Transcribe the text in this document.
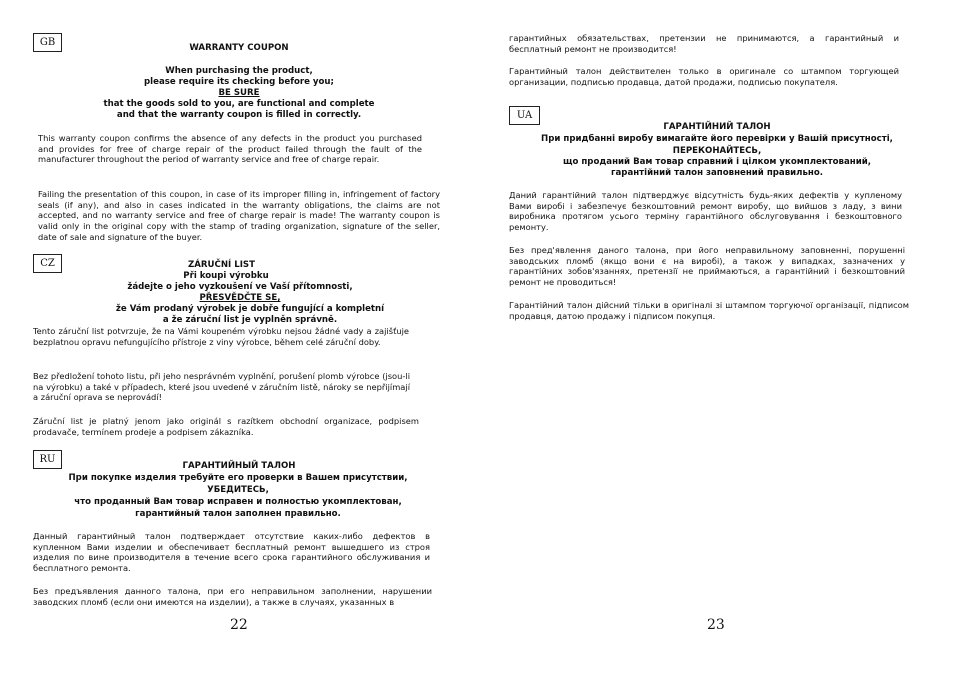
GB	WARRANTY COUPON
When purchasing the product,
please require its checking before you;
BE SURE
that the goods sold to you, are functional and complete
and that the warranty coupon is filled in correctly.

This warranty coupon confirms the absence of any defects in the product you purchased and provides for free of charge repair of the product failed through the fault of the manufacturer throughout the period of warranty service and free of charge repair.

Failing the presentation of this coupon, in case of its improper filling in, infringement of factory seals (if any), and also in cases indicated in the warranty obligations, the claims are not accepted, and no warranty service and free of charge repair is made! The warranty coupon is valid only in the original copy with the stamp of trading organization, signature of the seller, date of sale and signature of the buyer.

CZ	ZÁRUČNÍ LIST
Při koupi výrobku
žádejte o jeho vyzkoušení ve Vaší přítomnosti,
PŘESVĚDČTE SE,
že Vám prodaný výrobek je dobře fungující a kompletní
a že záruční list je vyplněn správně.

Tento záruční list potvrzuje, že na Vámi koupeném výrobku nejsou žádné vady a zajišťuje bezplatnou opravu nefungujícího přístroje z viny výrobce, během celé záruční doby.

Bez předložení tohoto listu, při jeho nesprávném vyplnění, porušení plomb výrobce (jsou-li na výrobku) a také v případech, které jsou uvedené v záručním listě, nároky se nepřijímají a záruční oprava se neprovádí!

Záruční list je platný jenom jako originál s razítkem obchodní organizace, podpisem prodavače, termínem prodeje a podpisem zákazníka.

RU
ГАРАНТИЙНЫЙ ТАЛОН
При покупке изделия требуйте его проверки в Вашем присутствии,
УБЕДИТЕСЬ,
что проданный Вам товар исправен и полностью укомплектован,
гарантийный талон заполнен правильно.

Данный гарантийный талон подтверждает отсутствие каких-либо дефектов в купленном Вами изделии и обеспечивает бесплатный ремонт вышедшего из строя изделия по вине производителя в течение всего срока гарантийного обслуживания и бесплатного ремонта.

Без предъявления данного талона, при его неправильном заполнении, нарушении заводских пломб (если они имеются на изделии), а также в случаях, указанных в

22

гарантийных обязательствах, претензии не принимаются, а гарантийный и бесплатный ремонт не производится!

Гарантийный талон действителен только в оригинале со штампом торгующей организации, подписью продавца, датой продажи, подписью покупателя.

UA
ГАРАНТІЙНИЙ ТАЛОН
При придбанні виробу вимагайте його перевірки у Вашій присутності,
ПЕРЕКОНАЙТЕСЬ,
що проданий Вам товар справний і цілком укомплектований,
гарантійний талон заповнений правильно.

Даний гарантійний талон підтверджує відсутність будь-яких дефектів у купленому Вами виробі і забезпечує безкоштовний ремонт виробу, що вийшов з ладу, з вини виробника протягом усього терміну гарантійного обслуговування і безкоштовного ремонту.

Без пред'явлення даного талона, при його неправильному заповненні, порушенні заводських пломб (якщо вони є на виробі), а також у випадках, зазначених у гарантійних зобов'язаннях, претензії не приймаються, а гарантійний і безкоштовний ремонт не проводиться!

Гарантійний талон дійсний тільки в оригіналі зі штампом торгуючої організації, підписом продавця, датою продажу і підписом покупця.

23
